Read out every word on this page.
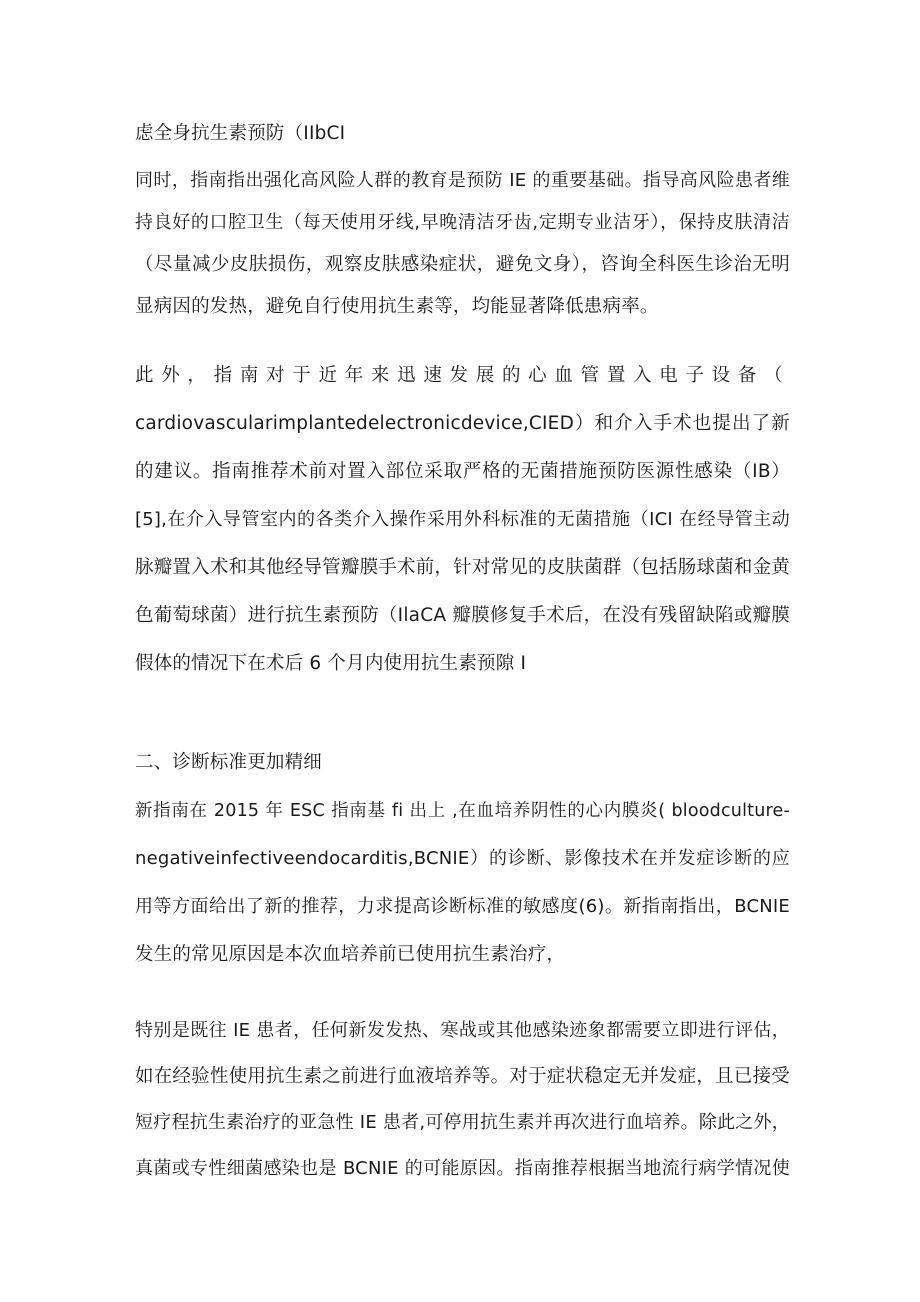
虑全身抗生素预防（IIbCI
同时，指南指出强化高风险人群的教育是预防 IE 的重要基础。指导高风险患者维
持良好的口腔卫生（每天使用牙线,早晚清洁牙齿,定期专业洁牙），保持皮肤清洁
（尽量减少皮肤损伤，观察皮肤感染症状，避免文身），咨询全科医生诊治无明
显病因的发热，避免自行使用抗生素等，均能显著降低患病率。
此外，指南对于近年来迅速发展的心血管置入电子设备（
cardiovascularimplantedelectronicdevice,CIED）和介入手术也提出了新
的建议。指南推荐术前对置入部位采取严格的无菌措施预防医源性感染（IB）
[5],在介入导管室内的各类介入操作采用外科标准的无菌措施（ICI 在经导管主动
脉瓣置入术和其他经导管瓣膜手术前，针对常见的皮肤菌群（包括肠球菌和金黄
色葡萄球菌）进行抗生素预防（IlaCA 瓣膜修复手术后，在没有残留缺陷或瓣膜
假体的情况下在术后 6 个月内使用抗生素预隙 I
二、诊断标准更加精细
新指南在 2015 年 ESC 指南基 fi 出上 ,在血培养阴性的心内膜炎( bloodculture-
negativeinfectiveendocarditis,BCNIE）的诊断、影像技术在并发症诊断的应
用等方面给出了新的推荐，力求提高诊断标准的敏感度(6)。新指南指出，BCNIE
发生的常见原因是本次血培养前已使用抗生素治疗，
特别是既往 IE 患者，任何新发发热、寒战或其他感染迹象都需要立即进行评估，
如在经验性使用抗生素之前进行血液培养等。对于症状稳定无并发症，且已接受
短疗程抗生素治疗的亚急性 IE 患者,可停用抗生素并再次进行血培养。除此之外，
真菌或专性细菌感染也是 BCNIE 的可能原因。指南推荐根据当地流行病学情况使
